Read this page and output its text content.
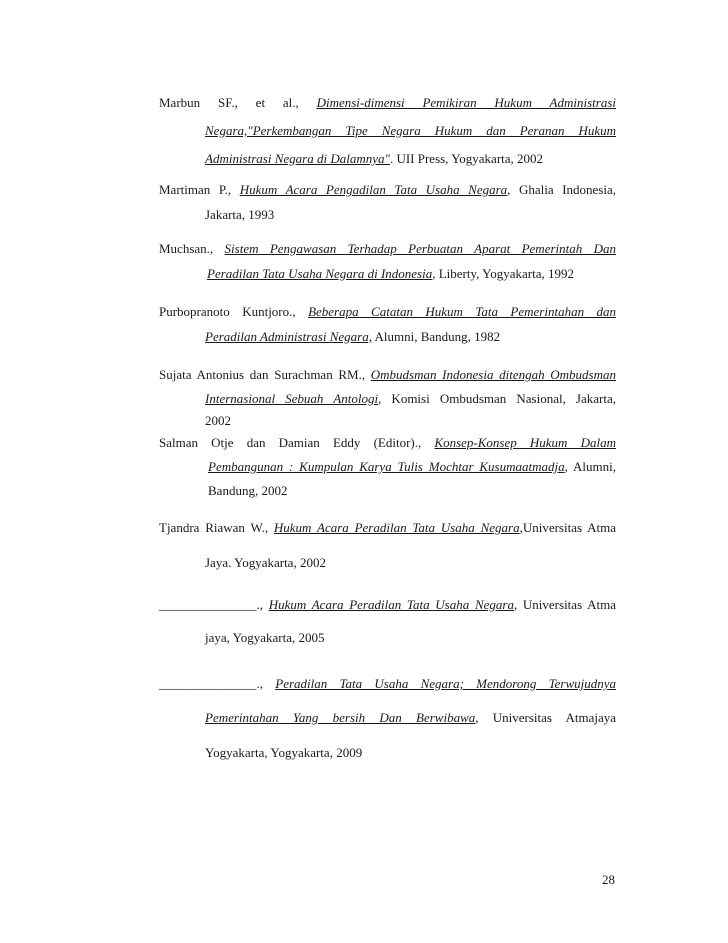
Marbun SF., et al., Dimensi-dimensi Pemikiran Hukum Administrasi
Negara,"Perkembangan Tipe Negara Hukum dan Peranan Hukum
Administrasi Negara di Dalamnya". UII Press, Yogyakarta, 2002
Martiman P., Hukum Acara Pengadilan Tata Usaha Negara, Ghalia Indonesia,
Jakarta, 1993
Muchsan., Sistem Pengawasan Terhadap Perbuatan Aparat Pemerintah Dan
Peradilan Tata Usaha Negara di Indonesia, Liberty, Yogyakarta, 1992
Purbopranoto Kuntjoro., Beberapa Catatan Hukum Tata Pemerintahan dan
Peradilan Administrasi Negara, Alumni, Bandung, 1982
Sujata Antonius dan Surachman RM., Ombudsman Indonesia ditengah Ombudsman
Internasional Sebuah Antologi, Komisi Ombudsman Nasional, Jakarta,
2002
Salman Otje dan Damian Eddy (Editor)., Konsep-Konsep Hukum Dalam
Pembangunan : Kumpulan Karya Tulis Mochtar Kusumaatmadja, Alumni,
Bandung, 2002
Tjandra Riawan W., Hukum Acara Peradilan Tata Usaha Negara,Universitas Atma
Jaya. Yogyakarta, 2002
_______________., Hukum Acara Peradilan Tata Usaha Negara, Universitas Atma
jaya, Yogyakarta, 2005
_______________., Peradilan Tata Usaha Negara; Mendorong Terwujudnya
Pemerintahan Yang bersih Dan Berwibawa, Universitas Atmajaya
Yogyakarta, Yogyakarta, 2009
28
